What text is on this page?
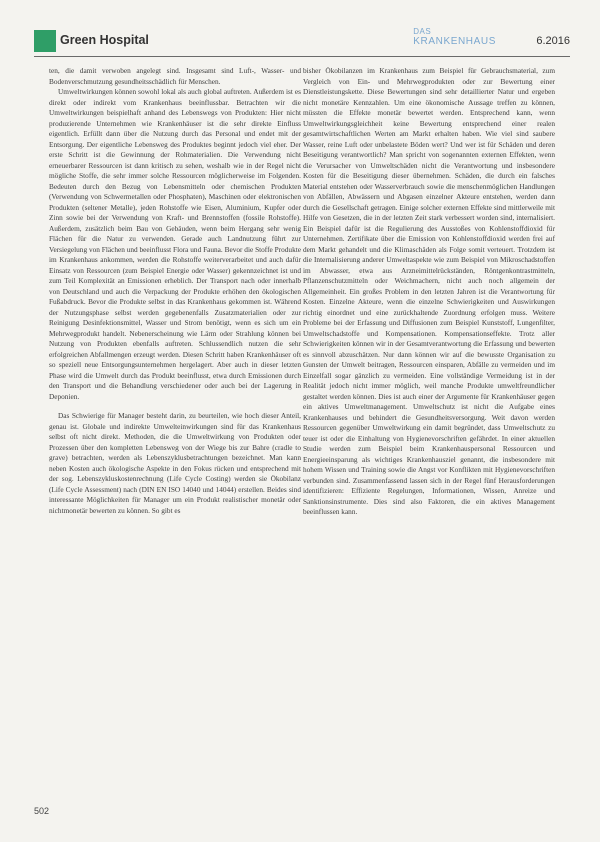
Green Hospital
DAS
KRANKENHAUS	6.2016

ten, die damit verwoben angelegt sind. Insgesamt sind Luft-, Wasser- und Bodenverschmutzung gesundheitsschädlich für Menschen.

Umweltwirkungen können sowohl lokal als auch global auftreten. Außerdem ist es direkt oder indirekt vom Krankenhaus beeinflussbar. Betrachten wir die Umweltwirkungen beispielhaft anhand des Lebenswegs von Produkten: Hier nicht produzierende Unternehmen wie Krankenhäuser ist die sehr direkte Einfluss eigentlich. Erfüllt dann über die Nutzung durch das Personal und endet mit der Entsorgung. Der eigentliche Lebensweg des Produktes beginnt jedoch viel eher. Der erste Schritt ist die Gewinnung der Rohmaterialien. Die Verwendung nicht erneuerbarer Ressourcen ist dann kritisch zu sehen, weshalb wie in der Regel nicht mögliche Stoffe, die sehr immer solche Ressourcen möglicherweise im Folgenden. Bedeuten durch den Bezug von Lebensmitteln oder chemischen Produkten (Verwendung von Schwermetallen oder Phosphaten), Maschinen oder elektronischen Produkten (seltener Metalle), jeden Rohstoffe wie Eisen, Aluminium, Kupfer oder Zinn sowie bei der Verwendung von Kraft- und Brennstoffen (fossile Rohstoffe). Außerdem, zusätzlich beim Bau von Gebäuden, wenn beim Hergang sehr wenig Flächen für die Natur zu verwenden. Gerade auch Landnutzung führt zur Versiegelung von Flächen und beeinflusst Flora und Fauna. Bevor die Stoffe Produkte im Krankenhaus ankommen, werden die Rohstoffe weiterverarbeitet und auch dafür Einsatz von Ressourcen (zum Beispiel Energie oder Wasser) gekennzeichnet ist und zum Teil Komplexität an Emissionen erheblich. Der Transport nach oder innerhalb von Deutschland und auch die Verpackung der Produkte erhöhen den ökologischen Fußabdruck. Bevor die Produkte selbst in das Krankenhaus gekommen ist. Während der Nutzungsphase selbst werden gegebenenfalls Zusatzmaterialien oder zur Reinigung Desinfektionsmittel, Wasser und Strom benötigt, wenn es sich um ein Mehrwegprodukt handelt. Nebenerscheinung wie Lärm oder Strahlung können bei Nutzung von Produkten ebenfalls auftreten. Schlussendlich nutzen die sehr erfolgreichen Abfallmengen erzeugt werden. Diesen Schritt haben Krankenhäuser oft so speziell neue Entsorgungsunternehmen hergelagert. Aber auch in dieser letzten Phase wird die Umwelt durch das Produkt beeinflusst, etwa durch Emissionen durch den Transport und die Behandlung verschiedener oder auch bei der Lagerung in Deponien.

Das Schwierige für Manager besteht darin, zu beurteilen, wie hoch dieser Anteil, genau ist. Globale und indirekte Umwelteinwirkungen sind für das Krankenhaus selbst oft nicht direkt. Methoden, die die Umweltwirkung von Produkten oder Prozessen über den kompletten Lebensweg von der Wiege bis zur Bahre (cradle to grave) betrachten, werden als Lebenszyklusbetrachtungen bezeichnet. Man kann neben Kosten auch ökologische Aspekte in den Fokus rücken und entsprechend mit der sog. Lebenszykluskostenrechnung (Life Cycle Costing) werden sie Ökobilanz (Life Cycle Assessment) nach (DIN EN ISO 14040 und 14044) erstellen. Beides sind interessante Möglichkeiten für Manager um ein Produkt realistischer monetär oder nichtmonetär bewerten zu können. So gibt es

bisher Ökobilanzen im Krankenhaus zum Beispiel für Gebrauchsmaterial, zum Vergleich von Ein- und Mehrwegprodukten oder zur Bewertung einer Dienstleistungskette. Diese Bewertungen sind sehr detaillierter Natur und ergeben nicht monetäre Kennzahlen. Um eine ökonomische Aussage treffen zu können, müssten die Effekte monetär bewertet werden. Entsprechend kann, wenn Umweltwirkungsgleichheit keine Bewertung entsprechend einer realen gesamtwirtschaftlichen Werten am Markt erhalten haben. Wie viel sind saubere Wasser, reine Luft oder unbelastete Böden wert? Und wer ist für Schäden und deren Beseitigung verantwortlich? Man spricht von sogenannten externen Effekten, wenn die Verursacher von Umweltschäden nicht die Verantwortung und insbesondere Kosten für die Beseitigung dieser übernehmen. Schäden, die durch ein falsches Material entstehen oder Wasserverbrauch sowie die menschenmöglichen Handlungen von Abfällen, Abwässern und Abgasen einzelner Akteure entstehen, werden dann durch die Gesellschaft getragen. Einige solcher externen Effekte sind mittlerweile mit Hilfe von Gesetzen, die in der letzten Zeit stark verbessert worden sind, internalisiert. Ein Beispiel dafür ist die Regulierung des Ausstoßes von Kohlenstoffdioxid für Unternehmen. Zertifikate über die Emission von Kohlenstoffdioxid werden frei auf dem Markt gehandelt und die Klimaschäden als Folge somit verteuert. Trotzdem ist die Internalisierung anderer Umweltaspekte wie zum Beispiel von Mikroschadstoffen im Abwasser, etwa aus Arzneimittelrückständen, Röntgenkontrastmitteln, Pflanzenschutzmitteln oder Weichmachern, nicht auch noch allgemein der Allgemeinheit. Ein großes Problem in den letzten Jahren ist die Verantwortung für Kosten. Einzelne Akteure, wenn die einzelne Schwierigkeiten und Auswirkungen richtig einordnet und eine zurückhaltende Zuordnung erfolgen muss. Weitere Probleme bei der Erfassung und Diffusionen zum Beispiel Kunststoff, Lungenfilter, Umweltschadstoffe und Kompensationen. Kompensationseffekte. Trotz aller Schwierigkeiten können wir in der Gesamtverantwortung die Erfassung und bewerten es sinnvoll abzuschätzen. Nur dann können wir auf die bewusste Organisation zu Gunsten der Umwelt beitragen, Ressourcen einsparen, Abfälle zu vermeiden und im Einzelfall sogar gänzlich zu vermeiden. Eine vollständige Vermeidung ist in der Realität jedoch nicht immer möglich, weil manche Produkte umweltfreundlicher gestaltet werden können. Dies ist auch einer der Argumente für Krankenhäuser gegen ein aktives Umweltmanagement. Umweltschutz ist nicht die Aufgabe eines Krankenhauses und behindert die Gesundheitsversorgung. Weit davon werden Ressourcen gegenüber Umweltwirkung ein damit begründet, dass Umweltschutz zu teuer ist oder die Einhaltung von Hygienevorschriften gefährdet. In einer aktuellen Studie werden zum Beispiel beim Krankenhauspersonal Ressourcen und Energieeinsparung als wichtiges Krankenhausziel genannt, die insbesondere mit hohem Wissen und Training sowie die Angst vor Konflikten mit Hygienevorschriften verbunden sind. Zusammenfassend lassen sich in der Regel fünf Herausforderungen identifizieren: Effiziente Regelungen, Informationen, Wissen, Anreize und Sanktionsinstrumente. Dies sind also Faktoren, die ein aktives Management beeinflussen kann.

502
